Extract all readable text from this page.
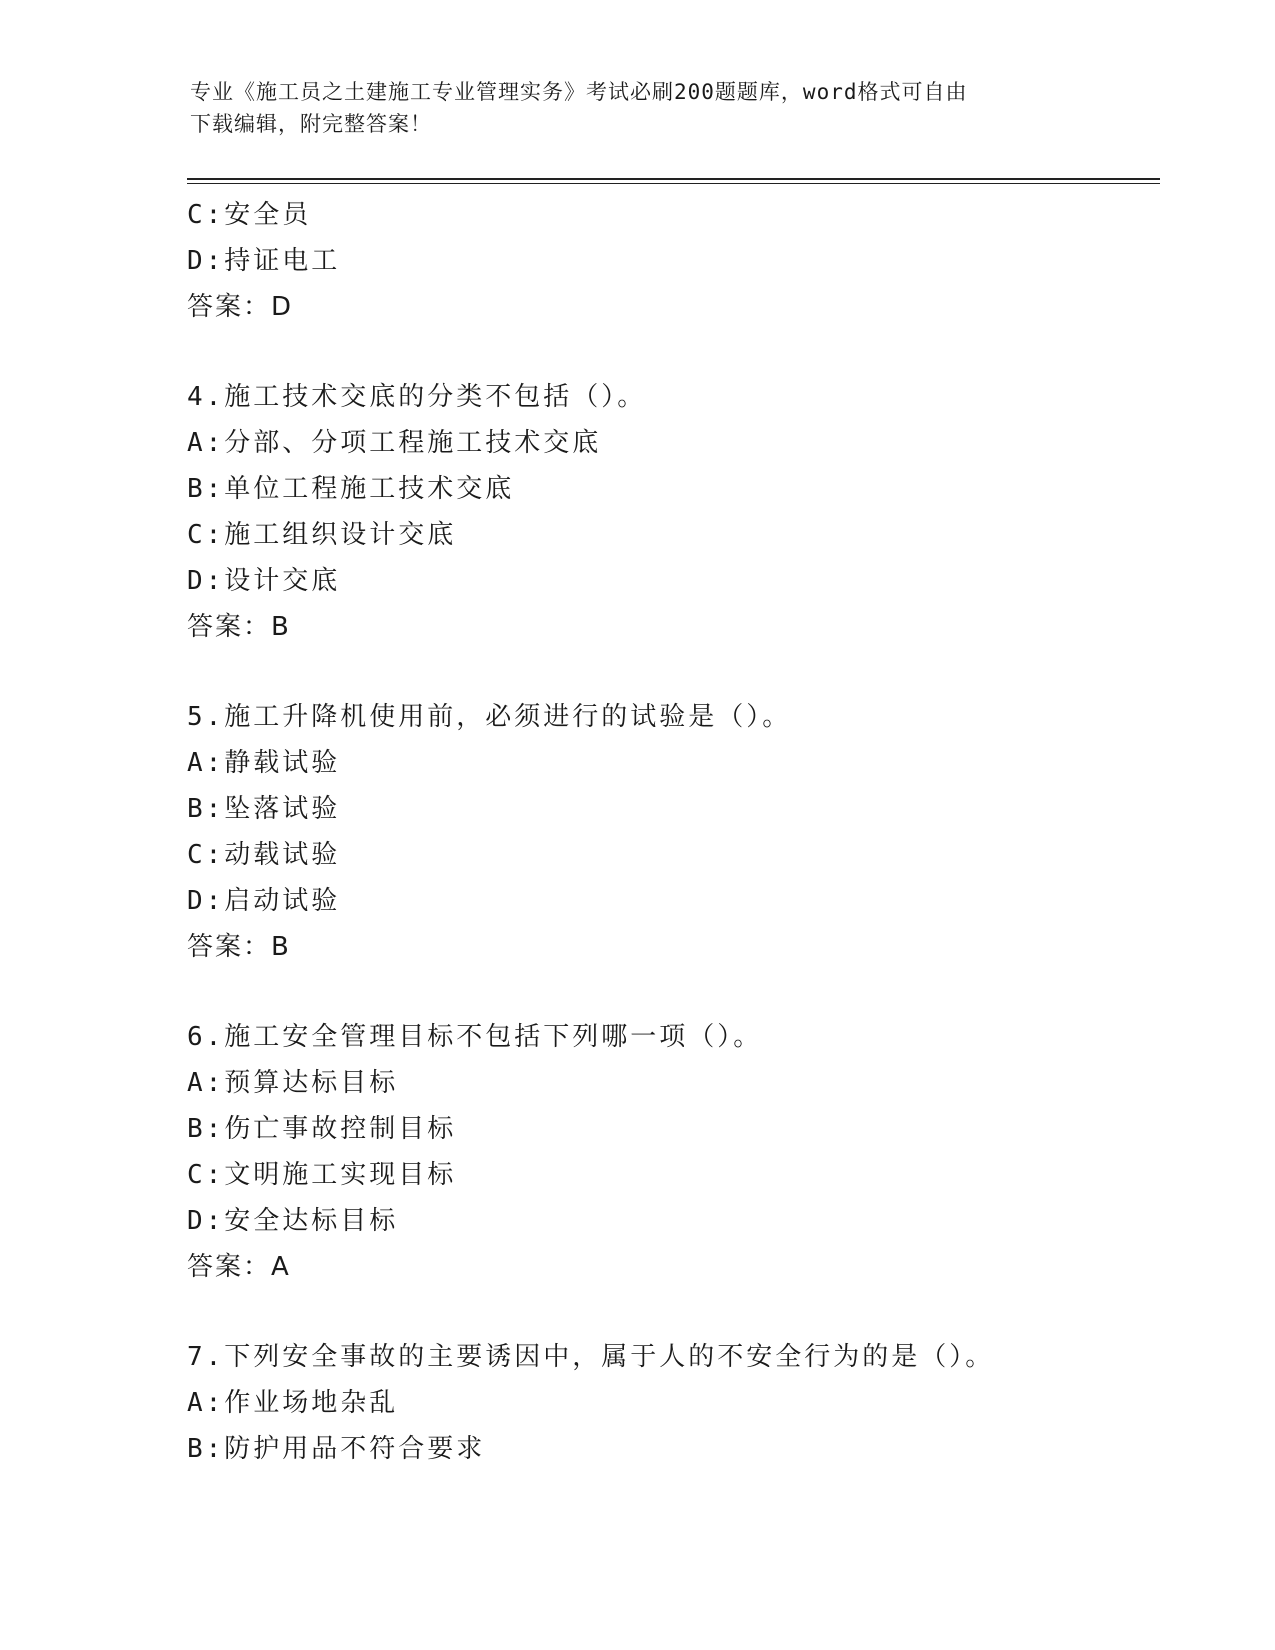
专业《施工员之土建施工专业管理实务》考试必刷200题题库，word格式可自由
下载编辑，附完整答案！
C:安全员
D:持证电工
答案：D
4.施工技术交底的分类不包括（）。
A:分部、分项工程施工技术交底
B:单位工程施工技术交底
C:施工组织设计交底
D:设计交底
答案：B
5.施工升降机使用前，必须进行的试验是（）。
A:静载试验
B:坠落试验
C:动载试验
D:启动试验
答案：B
6.施工安全管理目标不包括下列哪一项（）。
A:预算达标目标
B:伤亡事故控制目标
C:文明施工实现目标
D:安全达标目标
答案：A
7.下列安全事故的主要诱因中，属于人的不安全行为的是（）。
A:作业场地杂乱
B:防护用品不符合要求
